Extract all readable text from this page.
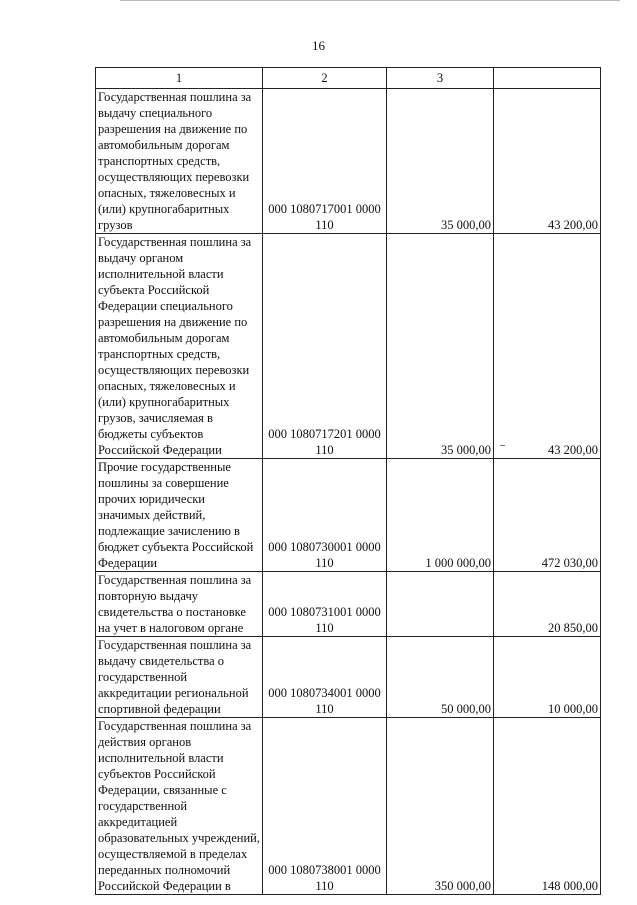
16
1	2	3	
Государственная пошлина за выдачу специального разрешения на движение по автомобильным дорогам транспортных средств, осуществляющих перевозки опасных, тяжеловесных и (или) крупногабаритных грузов	000 1080717001 0000 110	35 000,00	43 200,00
Государственная пошлина за выдачу органом исполнительной власти субъекта Российской Федерации специального разрешения на движение по автомобильным дорогам транспортных средств, осуществляющих перевозки опасных, тяжеловесных и (или) крупногабаритных грузов, зачисляемая в бюджеты субъектов Российской Федерации	000 1080717201 0000 110	35 000,00	43 200,00
Прочие государственные пошлины за совершение прочих юридически значимых действий, подлежащие зачислению в бюджет субъекта Российской Федерации	000 1080730001 0000 110	1 000 000,00	472 030,00
Государственная пошлина за повторную выдачу свидетельства о постановке на учет в налоговом органе	000 1080731001 0000 110		20 850,00
Государственная пошлина за выдачу свидетельства о государственной аккредитации региональной спортивной федерации	000 1080734001 0000 110	50 000,00	10 000,00
Государственная пошлина за действия органов исполнительной власти субъектов Российской Федерации, связанные с государственной аккредитацией образовательных учреждений, осуществляемой в пределах переданных полномочий Российской Федерации в	000 1080738001 0000 110	350 000,00	148 000,00
